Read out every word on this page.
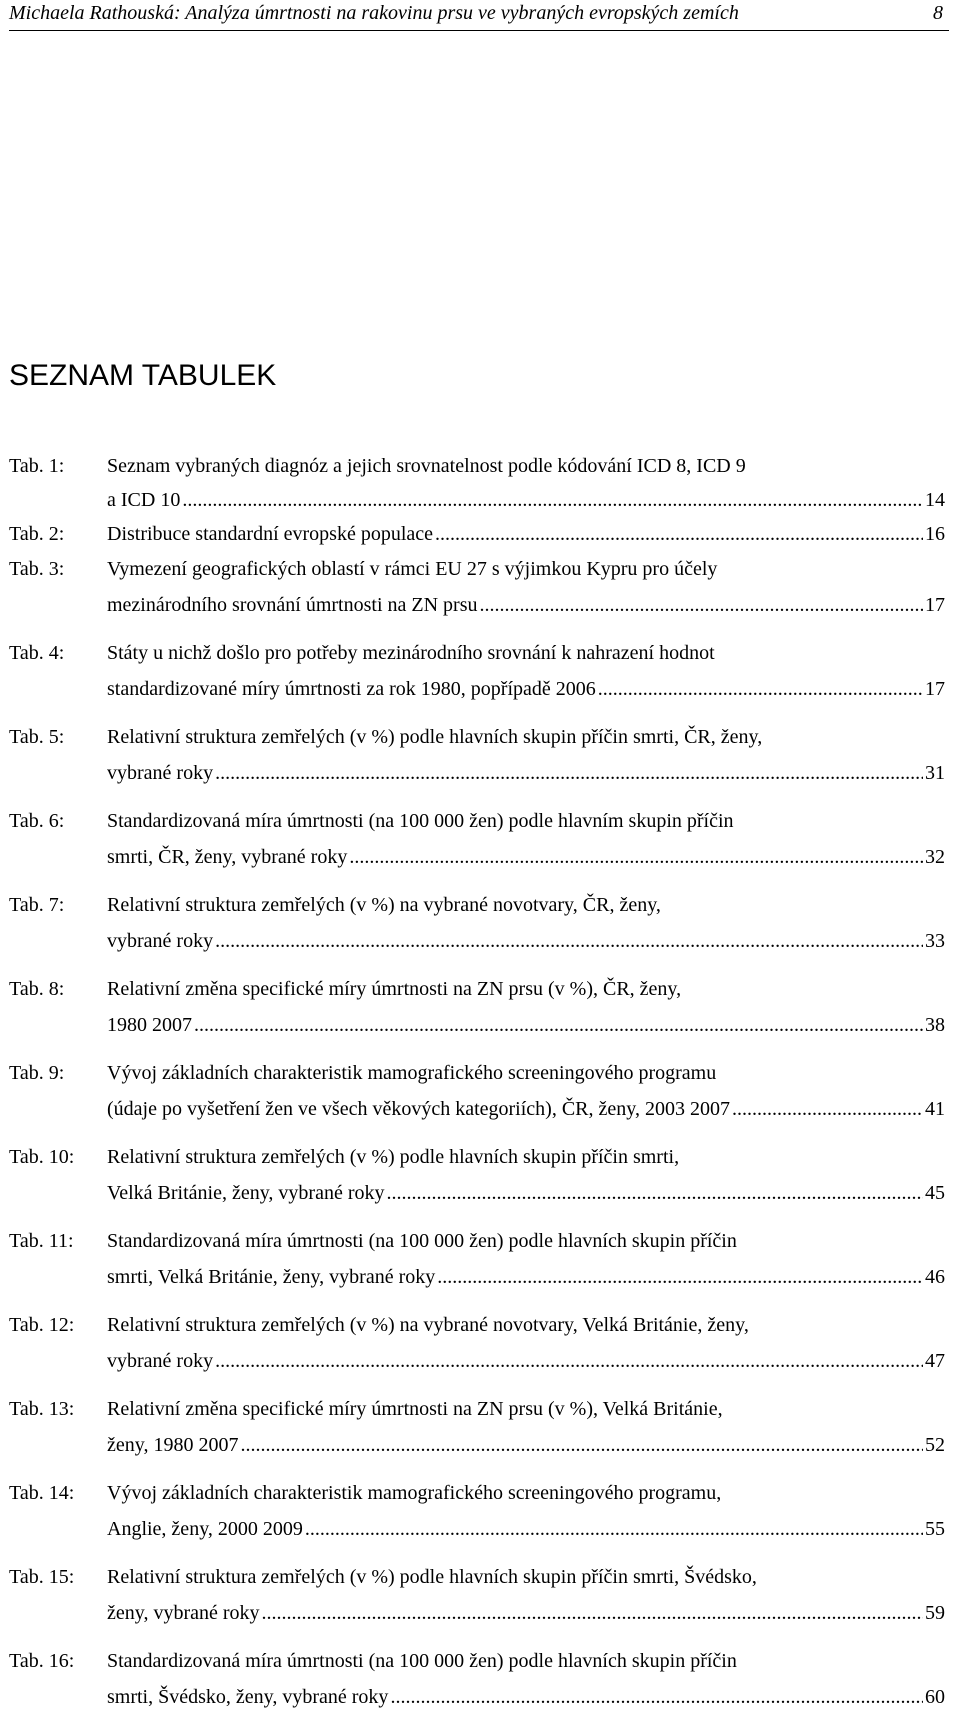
Michaela Rathouská: Analýza úmrtnosti na rakovinu prsu ve vybraných evropských zemích	8
SEZNAM TABULEK
Tab. 1: Seznam vybraných diagnóz a jejich srovnatelnost podle kódování ICD 8, ICD 9
a ICD 10 .....	14
Tab. 2: Distribuce standardní evropské populace .....	16
Tab. 3: Vymezení geografických oblastí v rámci EU 27 s výjimkou Kypru pro účely
mezinárodního srovnání úmrtnosti na ZN prsu .....	17
Tab. 4: Státy u nichž došlo pro potřeby mezinárodního srovnání k nahrazení hodnot
standardizované míry úmrtnosti za rok 1980, popřípadě 2006 .....	17
Tab. 5: Relativní struktura zemřelých (v %) podle hlavních skupin příčin smrti, ČR, ženy,
vybrané roky .....	31
Tab. 6: Standardizovaná míra úmrtnosti (na 100 000 žen) podle hlavním skupin příčin
smrti, ČR, ženy, vybrané roky .....	32
Tab. 7: Relativní struktura zemřelých (v %) na vybrané novotvary, ČR, ženy,
vybrané roky .....	33
Tab. 8: Relativní změna specifické míry úmrtnosti na ZN prsu (v %), ČR, ženy,
1980 2007 .....	38
Tab. 9: Vývoj základních charakteristik mamografického screeningového programu
(údaje po vyšetření žen ve všech věkových kategoriích), ČR, ženy, 2003 2007 .....	41
Tab. 10: Relativní struktura zemřelých (v %) podle hlavních skupin příčin smrti,
Velká Británie, ženy, vybrané roky .....	45
Tab. 11: Standardizovaná míra úmrtnosti (na 100 000 žen) podle hlavních skupin příčin
smrti, Velká Británie, ženy, vybrané roky .....	46
Tab. 12: Relativní struktura zemřelých (v %) na vybrané novotvary, Velká Británie, ženy,
vybrané roky .....	47
Tab. 13: Relativní změna specifické míry úmrtnosti na ZN prsu (v %), Velká Británie,
ženy, 1980 2007 .....	52
Tab. 14: Vývoj základních charakteristik mamografického screeningového programu,
Anglie, ženy, 2000 2009 .....	55
Tab. 15: Relativní struktura zemřelých (v %) podle hlavních skupin příčin smrti, Švédsko,
ženy, vybrané roky .....	59
Tab. 16: Standardizovaná míra úmrtnosti (na 100 000 žen) podle hlavních skupin příčin
smrti, Švédsko, ženy, vybrané roky .....	60
